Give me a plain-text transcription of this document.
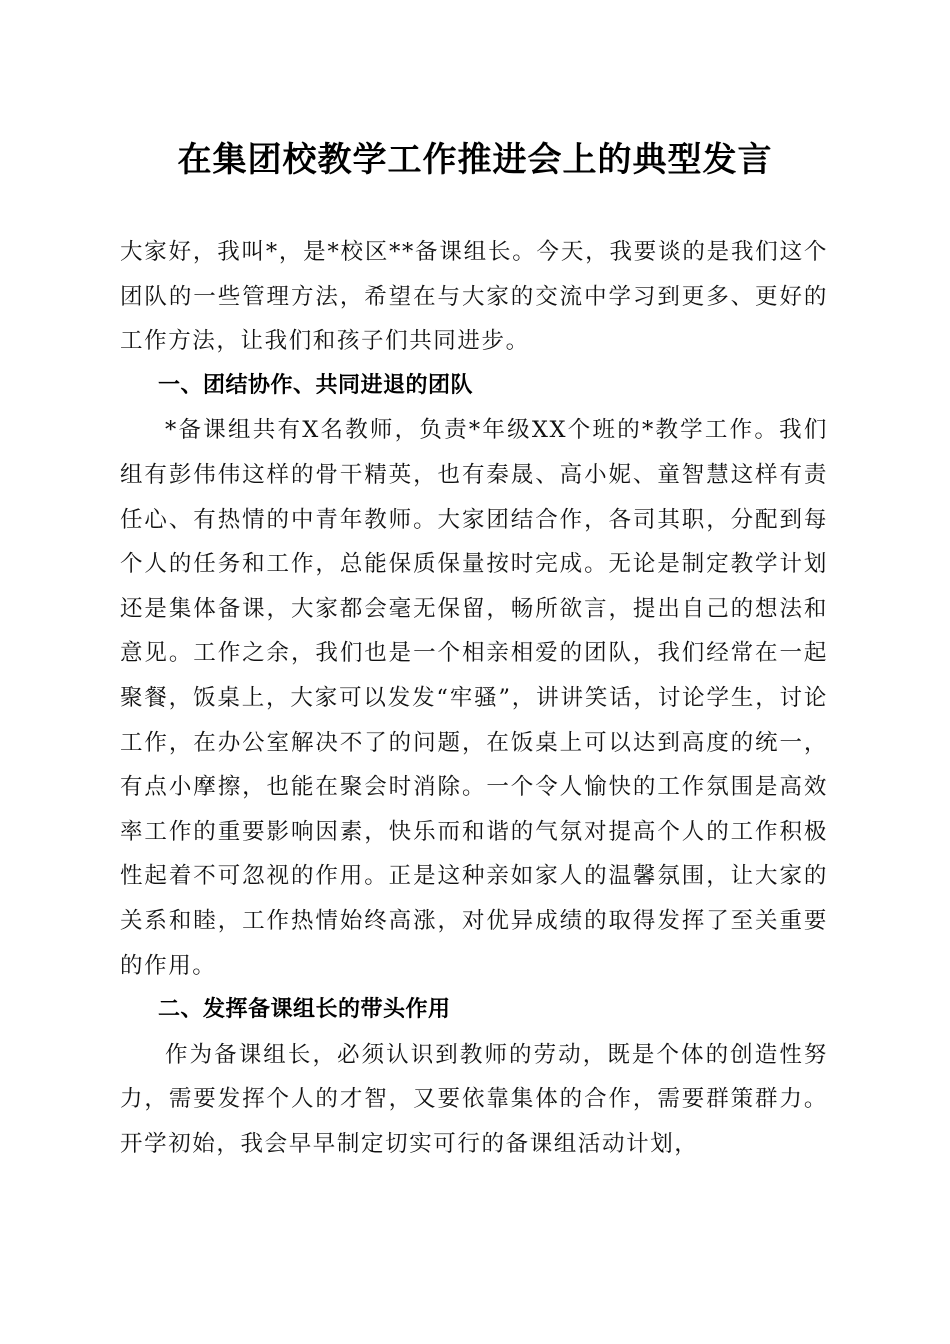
在集团校教学工作推进会上的典型发言

大家好，我叫*，是*校区**备课组长。今天，我要谈的是我们这个团队的一些管理方法，希望在与大家的交流中学习到更多、更好的工作方法，让我们和孩子们共同进步。

一、团结协作、共同进退的团队

*备课组共有X名教师，负责*年级XX个班的*教学工作。我们组有彭伟伟这样的骨干精英，也有秦晟、高小妮、童智慧这样有责任心、有热情的中青年教师。大家团结合作，各司其职，分配到每个人的任务和工作，总能保质保量按时完成。无论是制定教学计划还是集体备课，大家都会毫无保留，畅所欲言，提出自己的想法和意见。工作之余，我们也是一个相亲相爱的团队，我们经常在一起聚餐，饭桌上，大家可以发发“牢骚”，讲讲笑话，讨论学生，讨论工作，在办公室解决不了的问题，在饭桌上可以达到高度的统一，有点小摩擦，也能在聚会时消除。一个令人愉快的工作氛围是高效率工作的重要影响因素，快乐而和谐的气氛对提高个人的工作积极性起着不可忽视的作用。正是这种亲如家人的温馨氛围，让大家的关系和睦，工作热情始终高涨，对优异成绩的取得发挥了至关重要的作用。

二、发挥备课组长的带头作用

作为备课组长，必须认识到教师的劳动，既是个体的创造性努力，需要发挥个人的才智，又要依靠集体的合作，需要群策群力。开学初始，我会早早制定切实可行的备课组活动计划，
